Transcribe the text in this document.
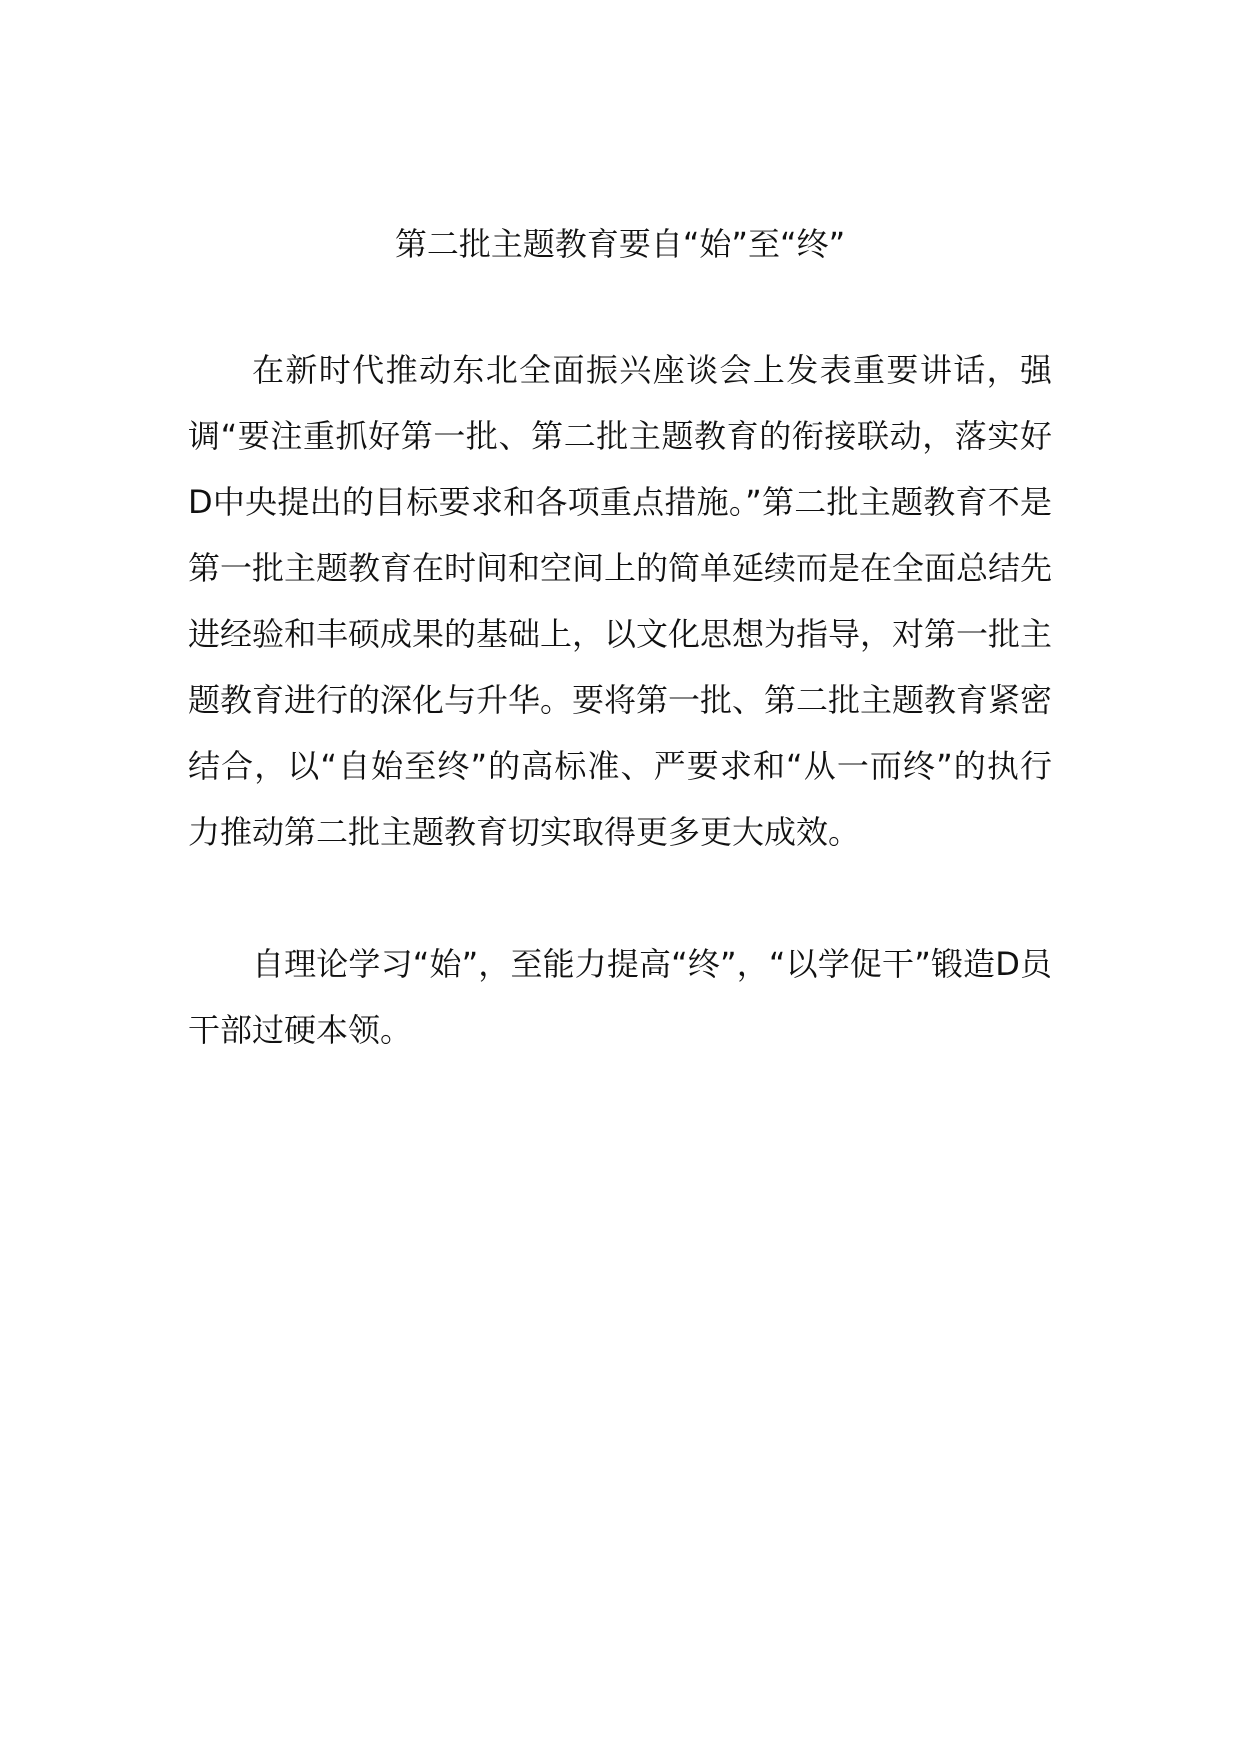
第二批主题教育要自“始”至“终”

在新时代推动东北全面振兴座谈会上发表重要讲话，强调“要注重抓好第一批、第二批主题教育的衔接联动，落实好D中央提出的目标要求和各项重点措施。”第二批主题教育不是第一批主题教育在时间和空间上的简单延续而是在全面总结先进经验和丰硕成果的基础上，以文化思想为指导，对第一批主题教育进行的深化与升华。要将第一批、第二批主题教育紧密结合，以“自始至终”的高标准、严要求和“从一而终”的执行力推动第二批主题教育切实取得更多更大成效。

自理论学习“始”，至能力提高“终”，“以学促干”锻造D员干部过硬本领。
